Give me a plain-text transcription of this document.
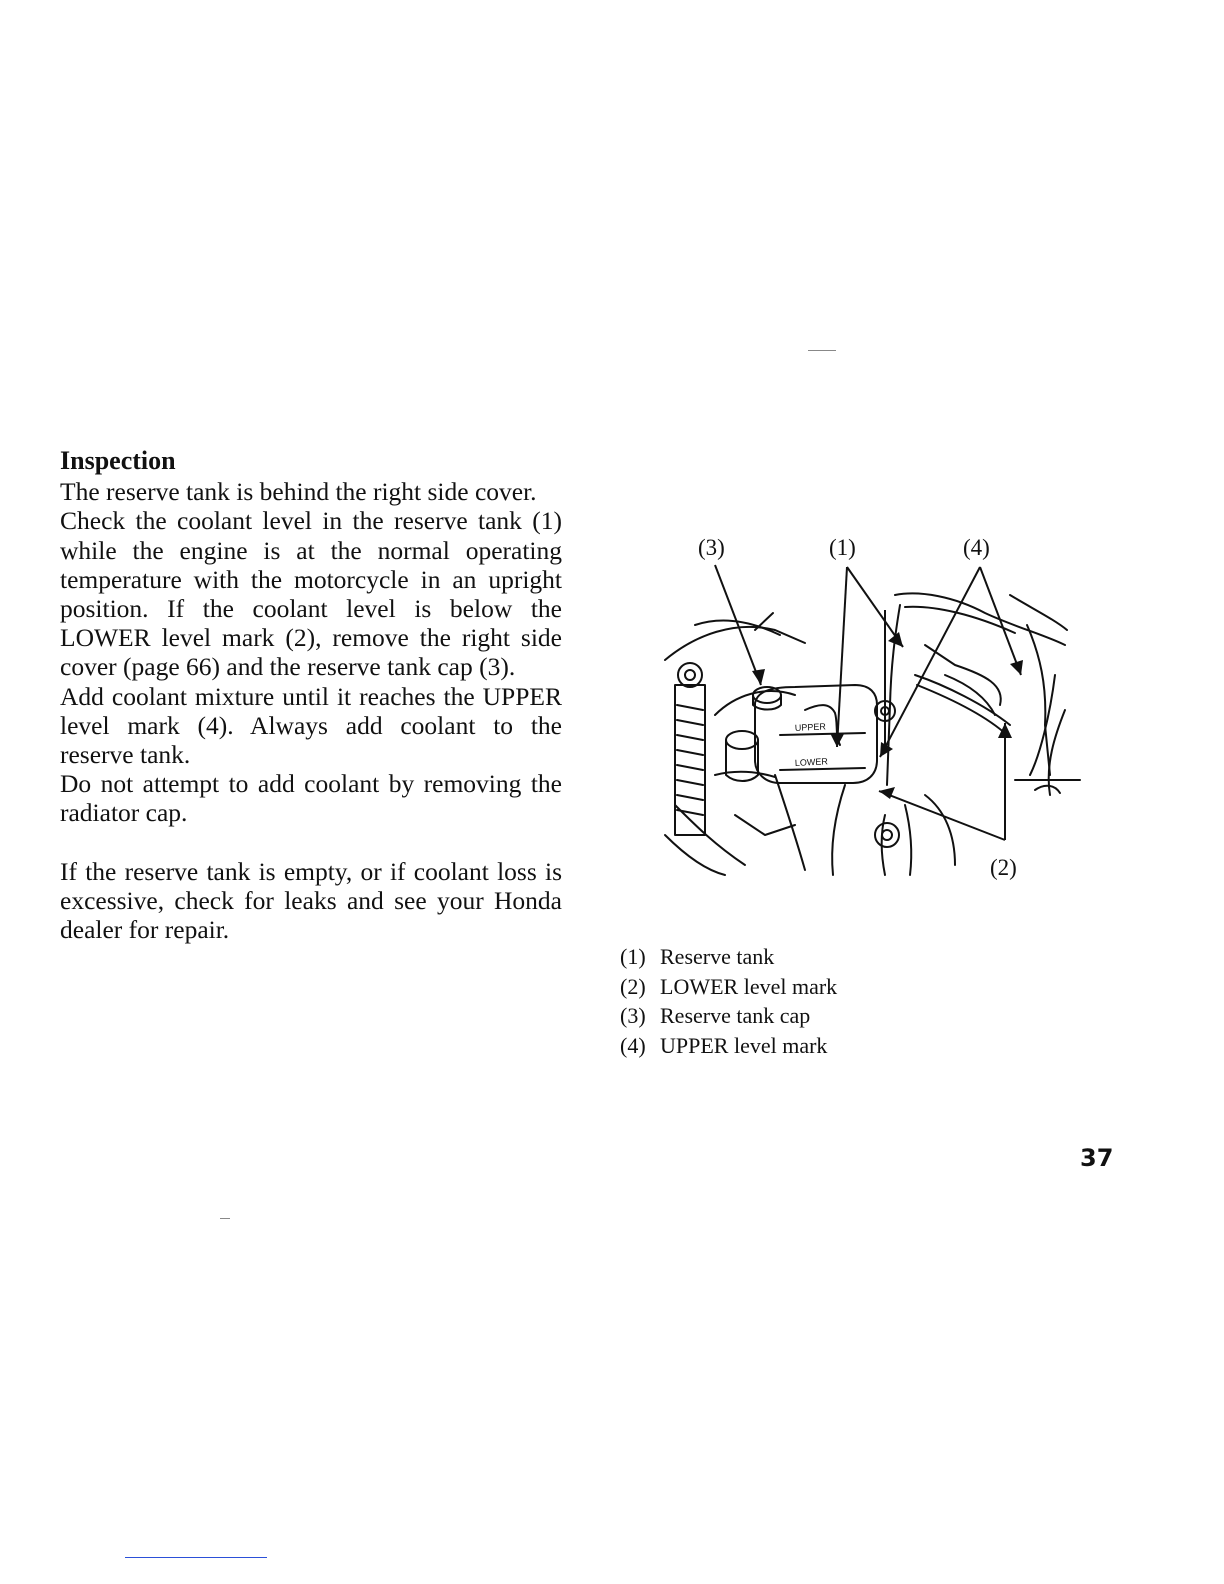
Inspection

The reserve tank is behind the right side cover.

Check the coolant level in the reserve tank (1) while the engine is at the normal operating temperature with the motorcycle in an upright position. If the coolant level is below the LOWER level mark (2), remove the right side cover (page 66) and the reserve tank cap (3).

Add coolant mixture until it reaches the UPPER level mark (4). Always add coolant to the reserve tank.

Do not attempt to add coolant by removing the radiator cap.

If the reserve tank is empty, or if coolant loss is excessive, check for leaks and see your Honda dealer for repair.

(3)	(1)	(4)
(2)
UPPER
LOWER
(1) Reserve tank
(2) LOWER level mark
(3) Reserve tank cap
(4) UPPER level mark
37
